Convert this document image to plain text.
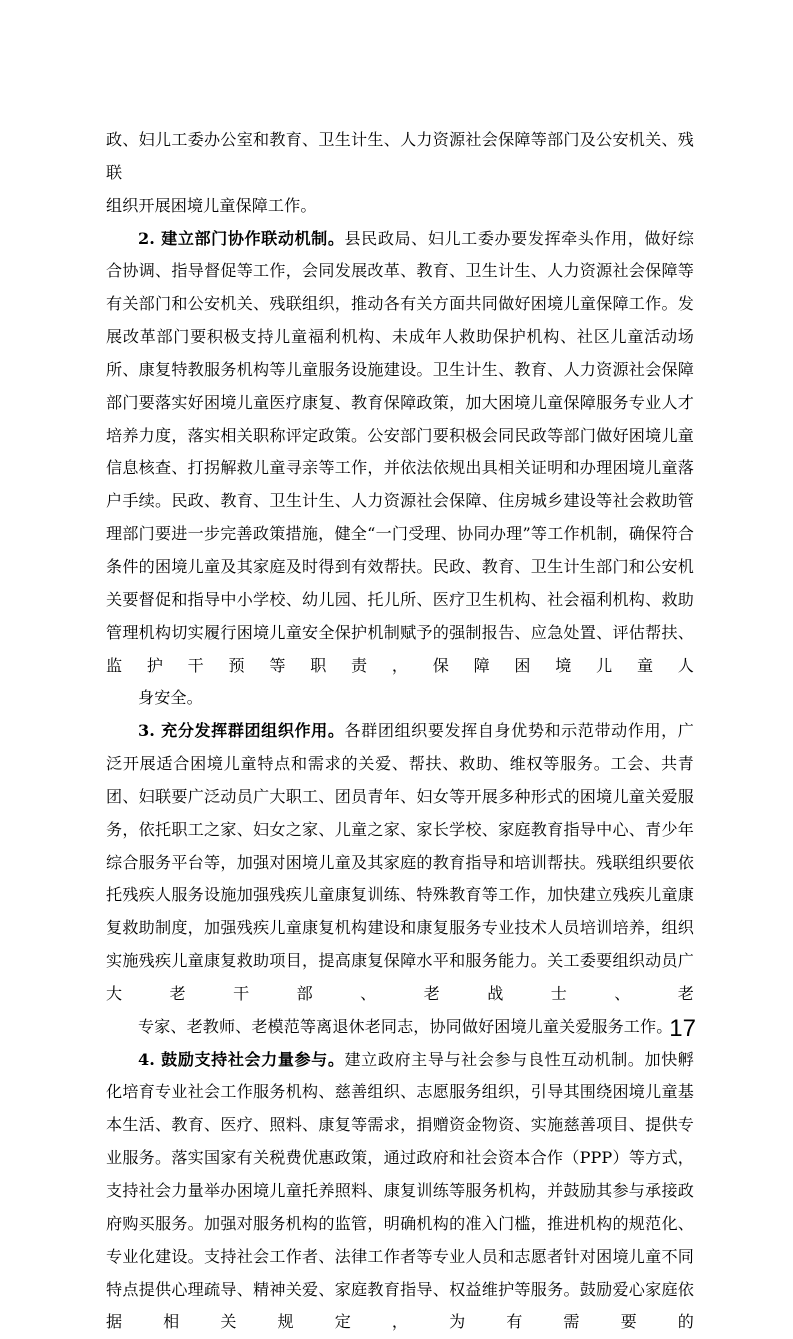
政、妇儿工委办公室和教育、卫生计生、人力资源社会保障等部门及公安机关、残联
组织开展困境儿童保障工作。

2. 建立部门协作联动机制。县民政局、妇儿工委办要发挥牵头作用，做好综合协调、指导督促等工作，会同发展改革、教育、卫生计生、人力资源社会保障等有关部门和公安机关、残联组织，推动各有关方面共同做好困境儿童保障工作。发展改革部门要积极支持儿童福利机构、未成年人救助保护机构、社区儿童活动场所、康复特教服务机构等儿童服务设施建设。卫生计生、教育、人力资源社会保障部门要落实好困境儿童医疗康复、教育保障政策，加大困境儿童保障服务专业人才培养力度，落实相关职称评定政策。公安部门要积极会同民政等部门做好困境儿童信息核查、打拐解救儿童寻亲等工作，并依法依规出具相关证明和办理困境儿童落户手续。民政、教育、卫生计生、人力资源社会保障、住房城乡建设等社会救助管理部门要进一步完善政策措施，健全“一门受理、协同办理”等工作机制，确保符合条件的困境儿童及其家庭及时得到有效帮扶。民政、教育、卫生计生部门和公安机关要督促和指导中小学校、幼儿园、托儿所、医疗卫生机构、社会福利机构、救助管理机构切实履行困境儿童安全保护机制赋予的强制报告、应急处置、评估帮扶、监护干预等职责，保障困境儿童人
身安全。

3. 充分发挥群团组织作用。各群团组织要发挥自身优势和示范带动作用，广泛开展适合困境儿童特点和需求的关爱、帮扶、救助、维权等服务。工会、共青团、妇联要广泛动员广大职工、团员青年、妇女等开展多种形式的困境儿童关爱服务，依托职工之家、妇女之家、儿童之家、家长学校、家庭教育指导中心、青少年综合服务平台等，加强对困境儿童及其家庭的教育指导和培训帮扶。残联组织要依托残疾人服务设施加强残疾儿童康复训练、特殊教育等工作，加快建立残疾儿童康复救助制度，加强残疾儿童康复机构建设和康复服务专业技术人员培训培养，组织实施残疾儿童康复救助项目，提高康复保障水平和服务能力。关工委要组织动员广大老干部、老战士、老
专家、老教师、老模范等离退休老同志，协同做好困境儿童关爱服务工作。

4. 鼓励支持社会力量参与。建立政府主导与社会参与良性互动机制。加快孵化培育专业社会工作服务机构、慈善组织、志愿服务组织，引导其围绕困境儿童基本生活、教育、医疗、照料、康复等需求，捐赠资金物资、实施慈善项目、提供专业服务。落实国家有关税费优惠政策，通过政府和社会资本合作（PPP）等方式，支持社会力量举办困境儿童托养照料、康复训练等服务机构，并鼓励其参与承接政府购买服务。加强对服务机构的监管，明确机构的准入门槛，推进机构的规范化、专业化建设。支持社会工作者、法律工作者等专业人员和志愿者针对困境儿童不同特点提供心理疏导、精神关爱、家庭教育指导、权益维护等服务。鼓励爱心家庭依据相关规定，为有需要的

17
